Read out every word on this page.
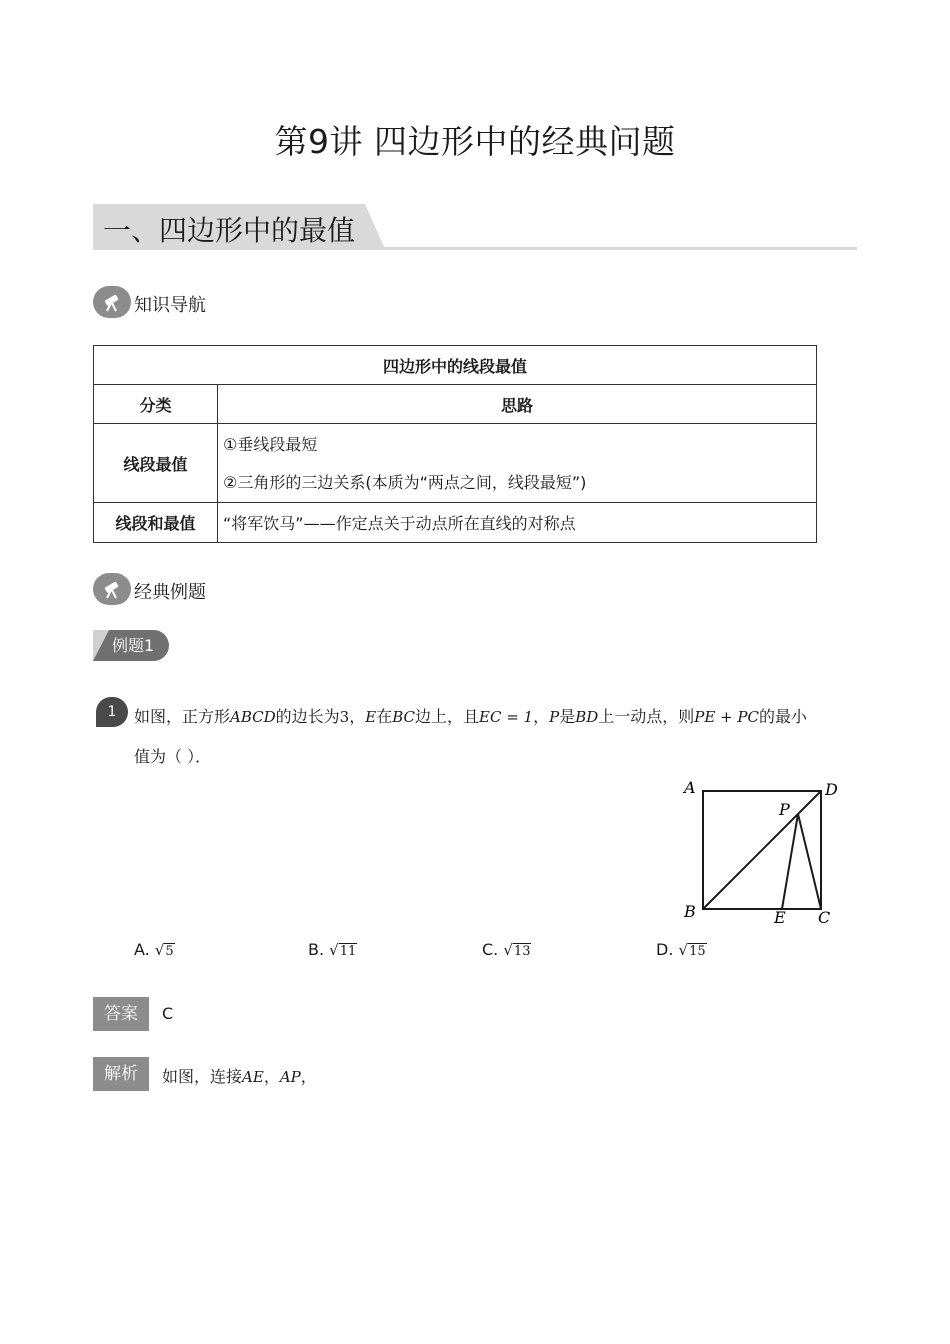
第9讲 四边形中的经典问题
一、四边形中的最值
知识导航
四边形中的线段最值	
分类	思路
线段最值	①垂线段最短
②三角形的三边关系(本质为“两点之间，线段最短”)

线段和最值	“将军饮马”——作定点关于动点所在直线的对称点
经典例题
例题1
1	如图，正方形ABCD的边长为3，E在BC边上，且EC = 1，P是BD上一动点，则PE + PC的最小
值为（ ）．
A	D
B	C
E
P
A. √5	B. √11	C. √13	D. √15
答案	C
解析	如图，连接AE，AP，
